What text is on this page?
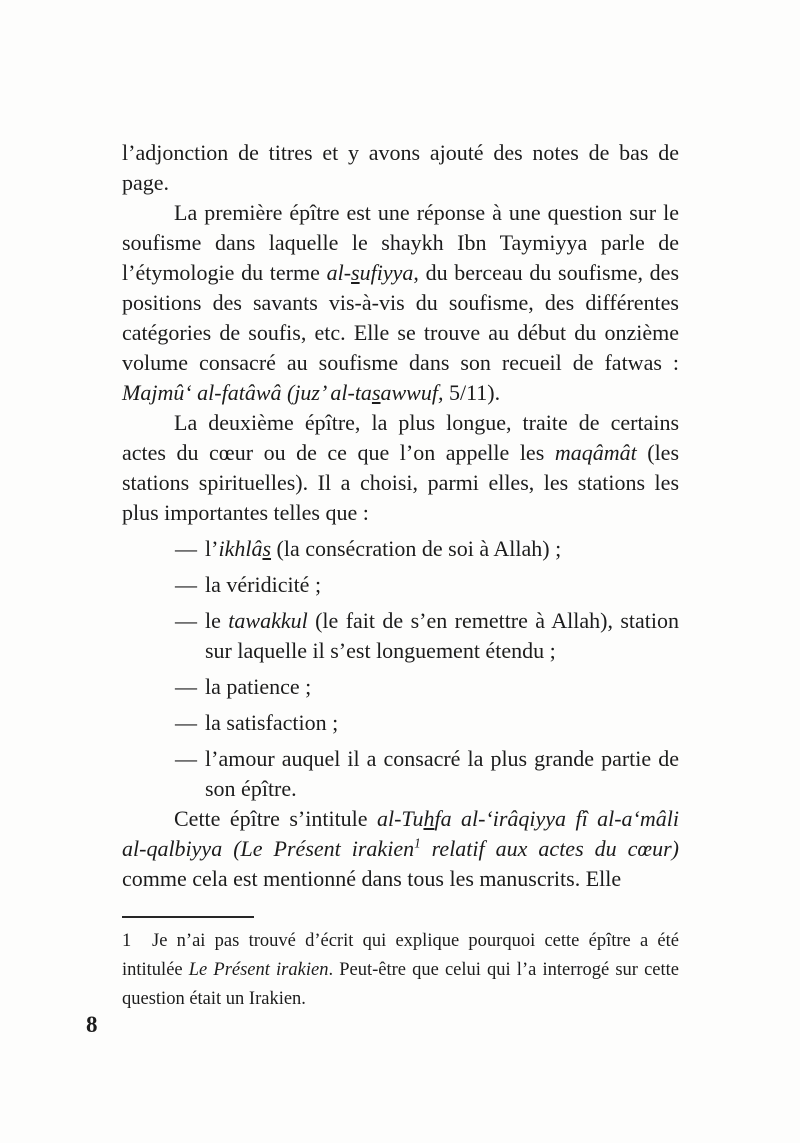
l’adjonction de titres et y avons ajouté des notes de bas de page.

La première épître est une réponse à une question sur le soufisme dans laquelle le shaykh Ibn Taymiyya parle de l’étymologie du terme al-sufiyya, du berceau du soufisme, des positions des savants vis-à-vis du soufisme, des différentes catégories de soufis, etc. Elle se trouve au début du onzième volume consacré au soufisme dans son recueil de fatwas : Majmû‘ al-fatâwâ (juz’ al-tasawwuf, 5/11).

La deuxième épître, la plus longue, traite de certains actes du cœur ou de ce que l’on appelle les maqâmât (les stations spirituelles). Il a choisi, parmi elles, les stations les plus importantes telles que :

— l’ikhlâs (la consécration de soi à Allah) ;
— la véridicité ;
— le tawakkul (le fait de s’en remettre à Allah), station sur laquelle il s’est longuement étendu ;
— la patience ;
— la satisfaction ;
— l’amour auquel il a consacré la plus grande partie de son épître.

Cette épître s’intitule al-Tuhfa al-‘irâqiyya fî al-a‘mâli al-qalbiyya (Le Présent irakien$^1$ relatif aux actes du cœur) comme cela est mentionné dans tous les manuscrits. Elle

1 Je n’ai pas trouvé d’écrit qui explique pourquoi cette épître a été intitulée Le Présent irakien. Peut-être que celui qui l’a interrogé sur cette question était un Irakien.

8
